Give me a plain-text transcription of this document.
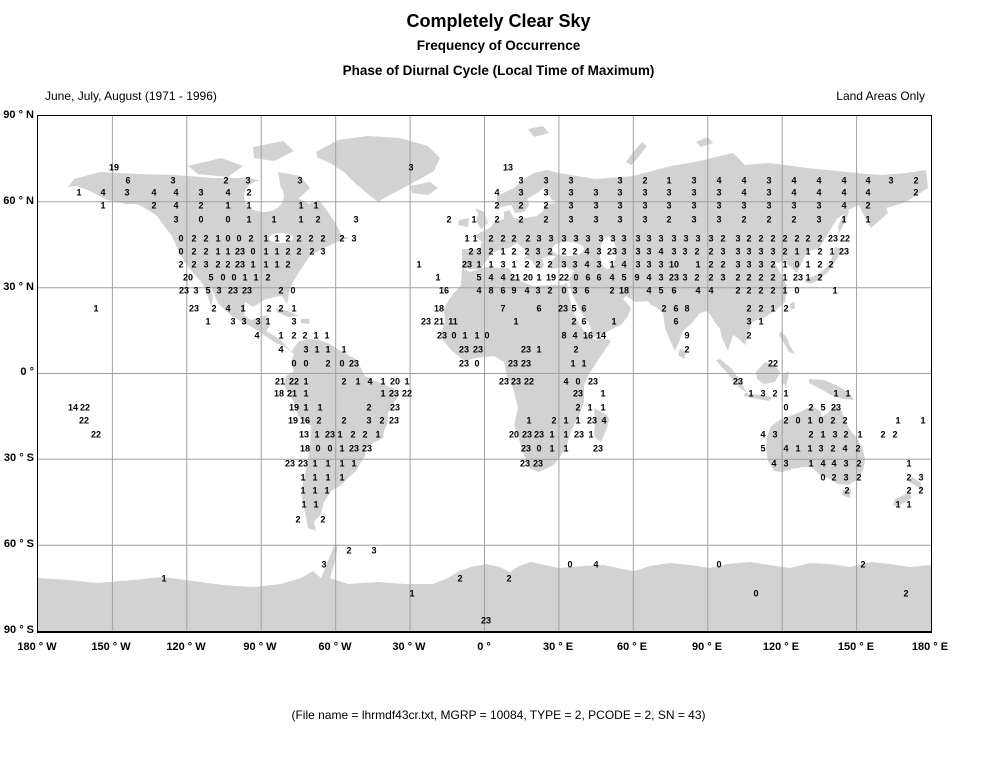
Completely Clear Sky
Frequency of Occurrence
Phase of Diurnal Cycle (Local Time of Maximum)
June, July, August (1971 - 1996)	Land Areas Only
19	3	13
6	3	2 3	3	3 3 3	3 2 1 3 4 4 3 4 4 4 4 3 2
1 4 3 4 4 3 4 2	4 3 3 3 3 3 3 3 3 3 4 3 4 4 4 4	2
1	2 4 2 1 1	1 1	2 2 2 3 3 3 3 3 3 3 3 3 3 3 4 2
3 0 0 1 1 1 2	3	2 1 2 2 2 3 3 3 3 2 3 3 2 2 2 3 1 1
0 2 2 1 0 0 2 1 1 2 2 2 2 2 3	1 1 2 2 2 2 3 3 3 3 3 3 3 3 3 3 3 3 3 3 3 2 3 2 2 2 2 2 2 2 23 22
0 2 2 1 1 23 0 1 1 2 2 2 3	2 3 2 1 2 2 3 2 2 2 4 3 23 3 3 3 4 3 3 2 2 3 3 3 3 3 2 1 1 2 1 23
2 2 3 2 2 23 1 1 1 2	1	23 1 1 3 1 2 2 2 3 3 4 3 1 4 3 3 3 10 1 2 2 3 3 3 2 1 0 1 2 2
20 5 0 0 1 1 2	1	5 4 4 21 20 1 19 22 0 6 6 4 5 9 4 3 23 3 2 2 3 2 2 2 2 1 23 1 2
23 3 5 3 23 23	2 0	16	4 8 6 9 4 3 2 0 3 6 2 18 4 5 6 4 4 2 2 2 2 1 0	1
1	23 2 4 1 2 2 1	18	7	6 23 5 6	2 6 8	2 2 1 2
1 3 3 3 1 3	23 21 11	1	2 6	1	6	3 1
4 1 2 2 1 1	23 0 1 1 0	8 4 16 14	9	2
4 3 1 1 1	23 23	23 1	2	2
0 0 2 0 23	23 0	23 23	1 1	22
21 22 1	2 1 4 1 20 1	23 23 22	4 0 23	23
18 21 1	1 23 22	23 1	1 3 2 1	1 1
14 22	19 1 1	2 23	2 1 1	0 2 5 23
22	19 16 2 2 3 2 23	1 2 1 1 23 4	2 0 1 0 2 2	1 1
22	13 1 23 1 2 2 1	20 23 23 1 1 23 1	4 3	2 1 3 2 1 2 2
18 0 0 1 23 23	23 0 1 1	23	5 4 1 1 3 2 4 2
23 23 1 1 1 1	23 23	4 3 1 4 4 3 2	1
1 1 1 1	0 2 3 2	2 3
1 1 1	2	2 2
1 1	1 1
2 2
2 3
3	0 4	0	2
1	2	2
1	0	2
23
90 ° N
60 ° N
30 ° N
0 °
30 ° S
60 ° S
90 ° S
180 ° W	150 ° W	120 ° W	90 ° W	60 ° W	30 ° W	0 °	30 ° E	60 ° E	90 ° E	120 ° E	150 ° E	180 ° E
(File name = lhrmdf43cr.txt, MGRP = 10084, TYPE = 2, PCODE = 2, SN = 43)
